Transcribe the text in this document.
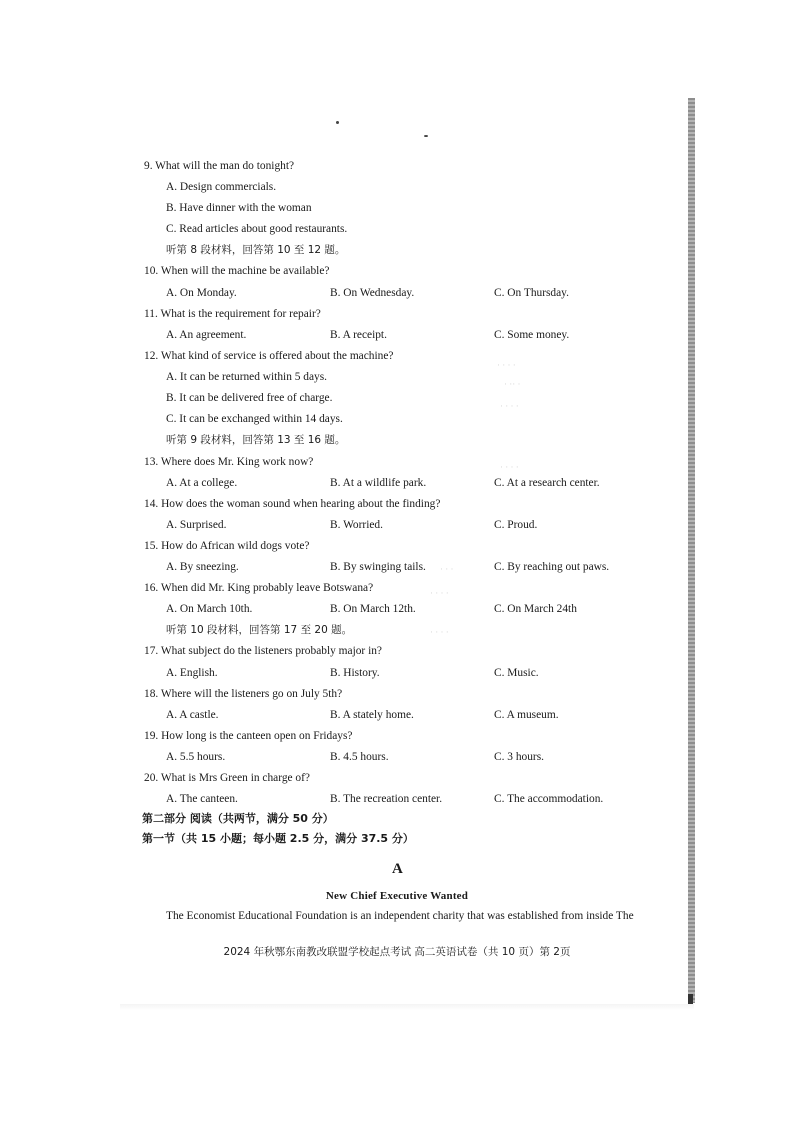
· · · ·
· ·· ·
· · · ·
· · · ·
· · ·
· · · ·
· · · ·
9. What will the man do tonight?
A. Design commercials.
B. Have dinner with the woman
C. Read articles about good restaurants.
听第 8 段材料，回答第 10 至 12 题。
10. When will the machine be available?
A. On Monday.	B. On Wednesday.	C. On Thursday.
11. What is the requirement for repair?
A. An agreement.	B. A receipt.	C. Some money.
12. What kind of service is offered about the machine?
A. It can be returned within 5 days.
B. It can be delivered free of charge.
C. It can be exchanged within 14 days.
听第 9 段材料，回答第 13 至 16 题。
13. Where does Mr. King work now?
A. At a college.	B. At a wildlife park.	C. At a research center.
14. How does the woman sound when hearing about the finding?
A. Surprised.	B. Worried.	C. Proud.
15. How do African wild dogs vote?
A. By sneezing.	B. By swinging tails.	C. By reaching out paws.
16. When did Mr. King probably leave Botswana?
A. On March 10th.	B. On March 12th.	C. On March 24th
听第 10 段材料，回答第 17 至 20 题。
17. What subject do the listeners probably major in?
A. English.	B. History.	C. Music.
18. Where will the listeners go on July 5th?
A. A castle.	B. A stately home.	C. A museum.
19. How long is the canteen open on Fridays?
A. 5.5 hours.	B. 4.5 hours.	C. 3 hours.
20. What is Mrs Green in charge of?
A. The canteen.	B. The recreation center.	C. The accommodation.
第二部分 阅读（共两节，满分 50 分）
第一节（共 15 小题；每小题 2.5 分，满分 37.5 分）
A
New Chief Executive Wanted
The Economist Educational Foundation is an independent charity that was established from inside The
2024 年秋鄂东南教改联盟学校起点考试 高二英语试卷（共 10 页）第 2页
